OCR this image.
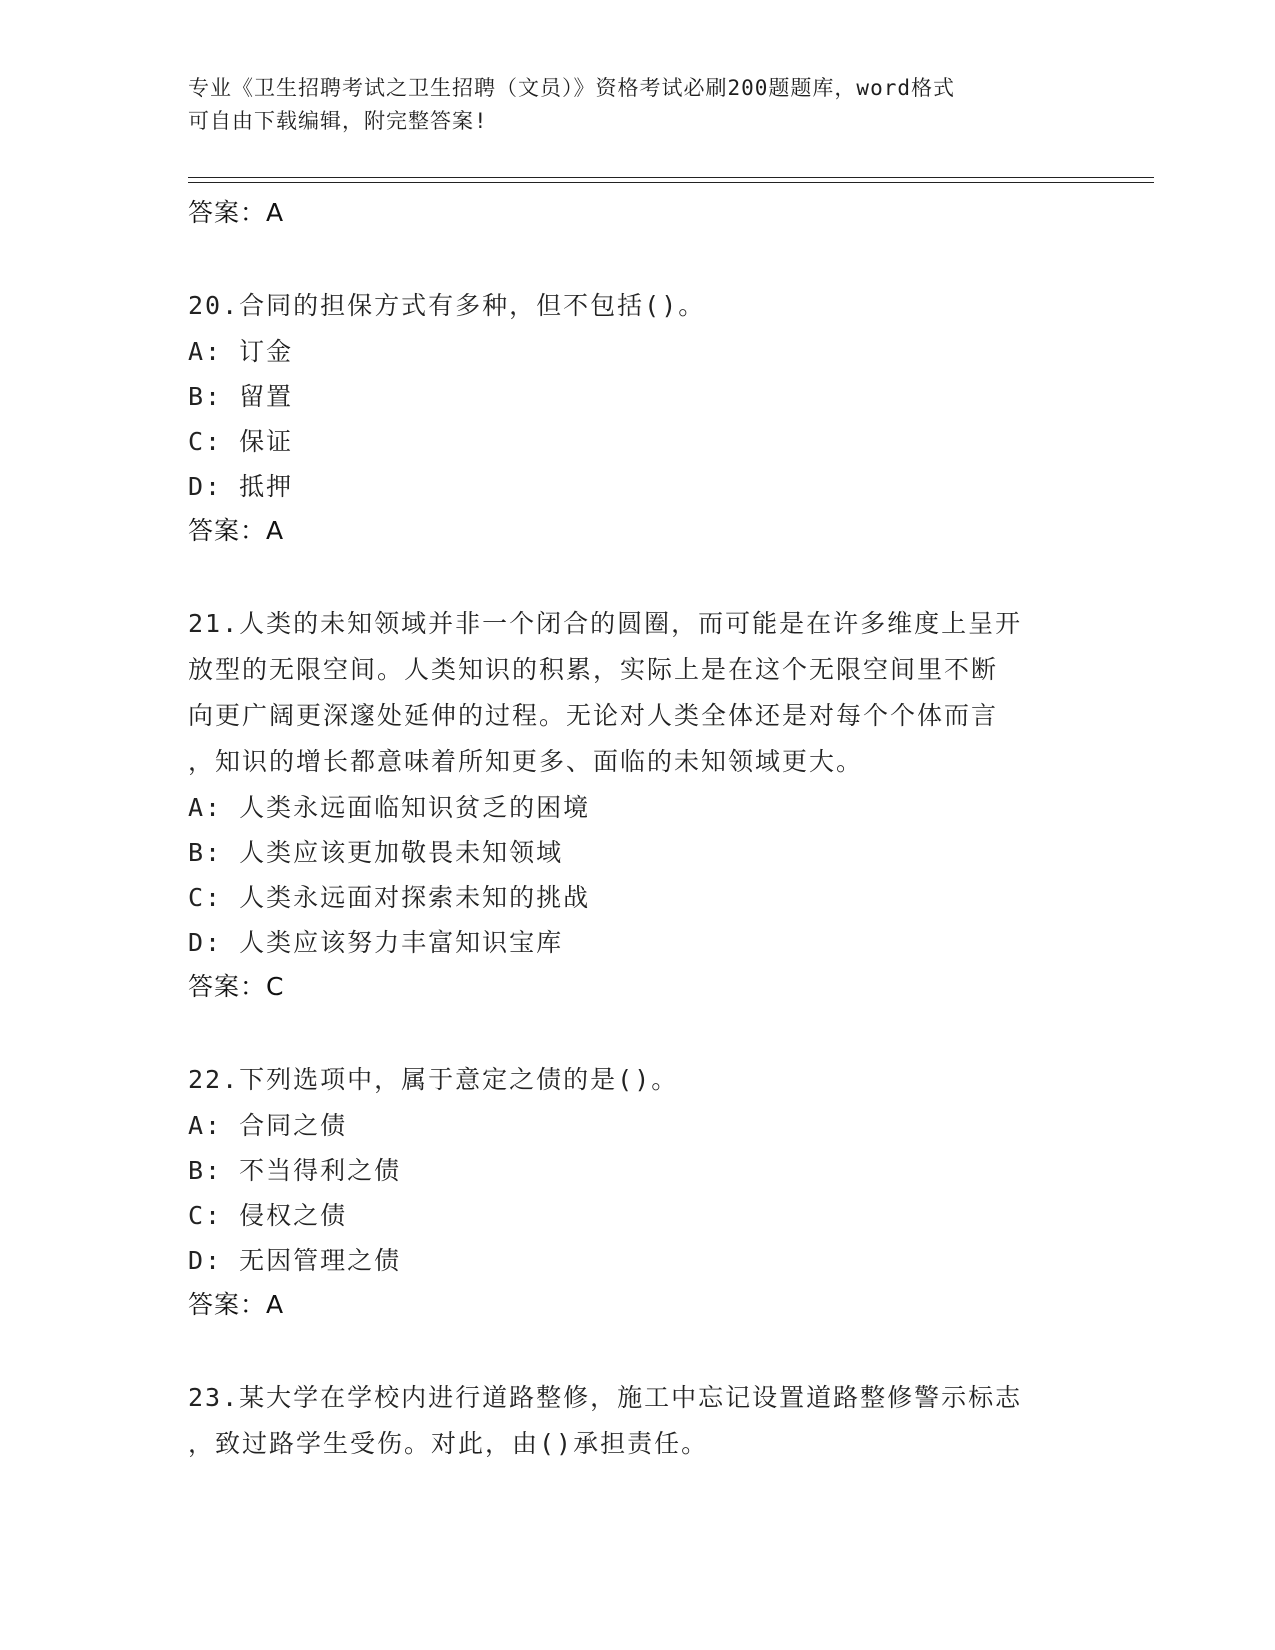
专业《卫生招聘考试之卫生招聘（文员）》资格考试必刷200题题库，word格式
可自由下载编辑，附完整答案!
答案：A
20.合同的担保方式有多种，但不包括()。
A: 订金
B: 留置
C: 保证
D: 抵押
答案：A
21.人类的未知领域并非一个闭合的圆圈，而可能是在许多维度上呈开
放型的无限空间。人类知识的积累，实际上是在这个无限空间里不断
向更广阔更深邃处延伸的过程。无论对人类全体还是对每个个体而言
，知识的增长都意味着所知更多、面临的未知领域更大。
A: 人类永远面临知识贫乏的困境
B: 人类应该更加敬畏未知领域
C: 人类永远面对探索未知的挑战
D: 人类应该努力丰富知识宝库
答案：C
22.下列选项中，属于意定之债的是()。
A: 合同之债
B: 不当得利之债
C: 侵权之债
D: 无因管理之债
答案：A
23.某大学在学校内进行道路整修，施工中忘记设置道路整修警示标志
，致过路学生受伤。对此，由()承担责任。
